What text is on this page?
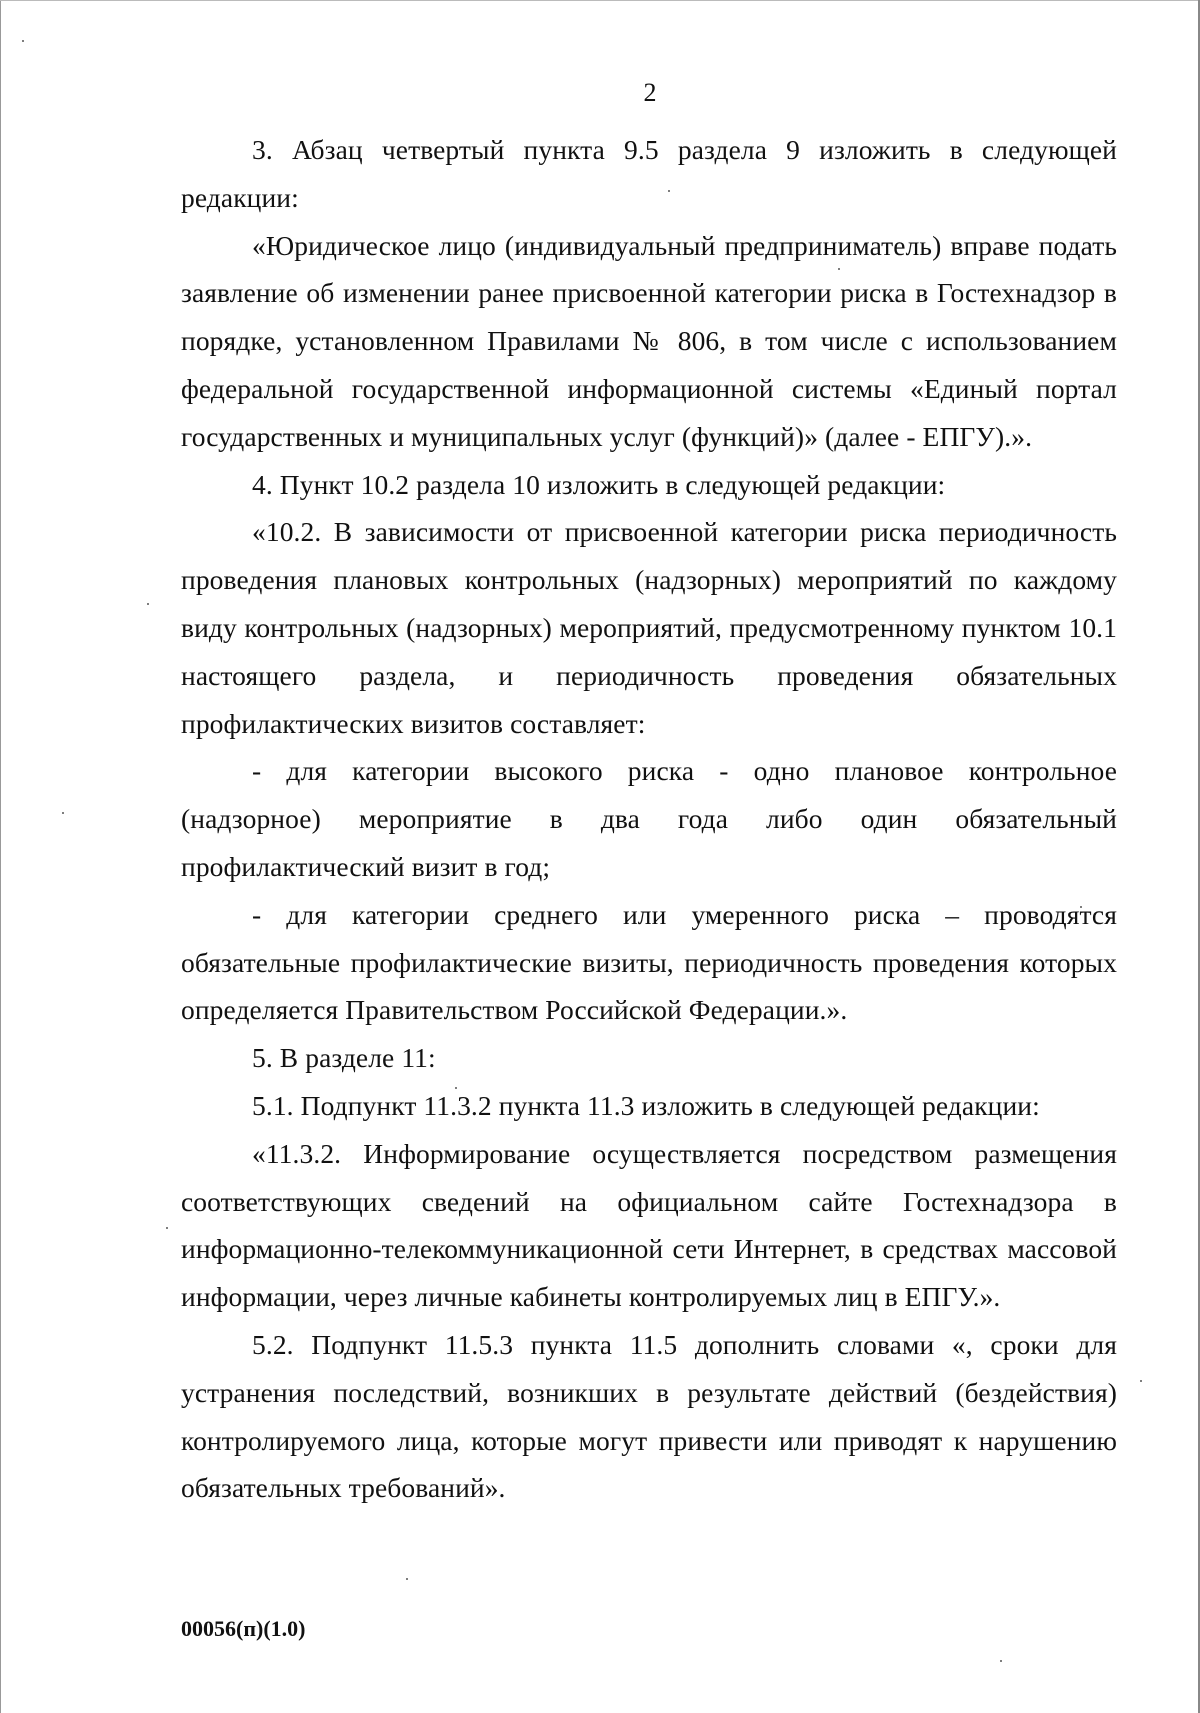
2

3. Абзац четвертый пункта 9.5 раздела 9 изложить в следующей редакции:

«Юридическое лицо (индивидуальный предприниматель) вправе подать заявление об изменении ранее присвоенной категории риска в Гостехнадзор в порядке, установленном Правилами № 806, в том числе с использованием федеральной государственной информационной системы «Единый портал государственных и муниципальных услуг (функций)» (далее - ЕПГУ).».

4. Пункт 10.2 раздела 10 изложить в следующей редакции:

«10.2. В зависимости от присвоенной категории риска периодичность проведения плановых контрольных (надзорных) мероприятий по каждому виду контрольных (надзорных) мероприятий, предусмотренному пунктом 10.1 настоящего раздела, и периодичность проведения обязательных профилактических визитов составляет:

- для категории высокого риска - одно плановое контрольное (надзорное) мероприятие в два года либо один обязательный профилактический визит в год;

- для категории среднего или умеренного риска – проводятся обязательные профилактические визиты, периодичность проведения которых определяется Правительством Российской Федерации.».

5. В разделе 11:

5.1. Подпункт 11.3.2 пункта 11.3 изложить в следующей редакции:

«11.3.2. Информирование осуществляется посредством размещения соответствующих сведений на официальном сайте Гостехнадзора в информационно-телекоммуникационной сети Интернет, в средствах массовой информации, через личные кабинеты контролируемых лиц в ЕПГУ.».

5.2. Подпункт 11.5.3 пункта 11.5 дополнить словами «, сроки для устранения последствий, возникших в результате действий (бездействия) контролируемого лица, которые могут привести или приводят к нарушению обязательных требований».

00056(п)(1.0)
